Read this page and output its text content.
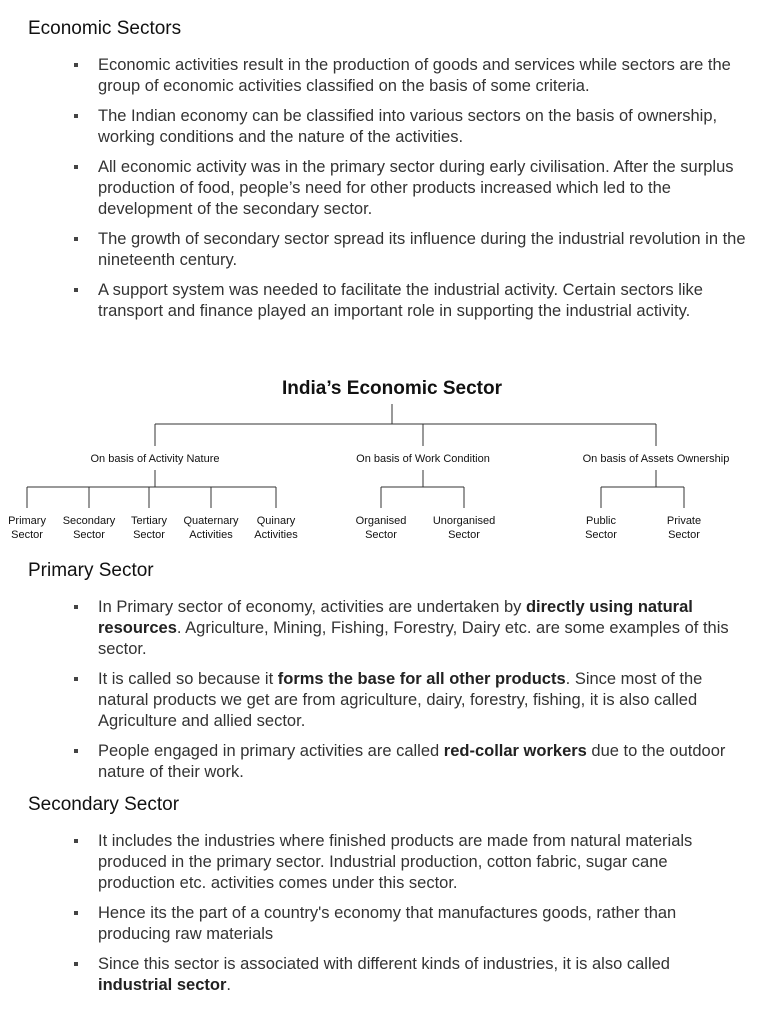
Economic Sectors
Economic activities result in the production of goods and services while sectors are the group of economic activities classified on the basis of some criteria.
The Indian economy can be classified into various sectors on the basis of ownership, working conditions and the nature of the activities.
All economic activity was in the primary sector during early civilisation. After the surplus production of food, people’s need for other products increased which led to the development of the secondary sector.
The growth of secondary sector spread its influence during the industrial revolution in the nineteenth century.
A support system was needed to facilitate the industrial activity. Certain sectors like transport and finance played an important role in supporting the industrial activity.
India’s Economic Sector
On basis of Activity Nature
Primary
Sector
Secondary
Sector
Tertiary
Sector
Quaternary
Activities
Quinary
Activities
On basis of Work Condition
Organised
Sector
Unorganised
Sector
On basis of Assets Ownership
Public
Sector
Private
Sector
Primary Sector
In Primary sector of economy, activities are undertaken by directly using natural resources. Agriculture, Mining, Fishing, Forestry, Dairy etc. are some examples of this sector.
It is called so because it forms the base for all other products. Since most of the natural products we get are from agriculture, dairy, forestry, fishing, it is also called Agriculture and allied sector.
People engaged in primary activities are called red-collar workers due to the outdoor nature of their work.
Secondary Sector
It includes the industries where finished products are made from natural materials produced in the primary sector. Industrial production, cotton fabric, sugar cane production etc. activities comes under this sector.
Hence its the part of a country's economy that manufactures goods, rather than producing raw materials
Since this sector is associated with different kinds of industries, it is also called industrial sector.
